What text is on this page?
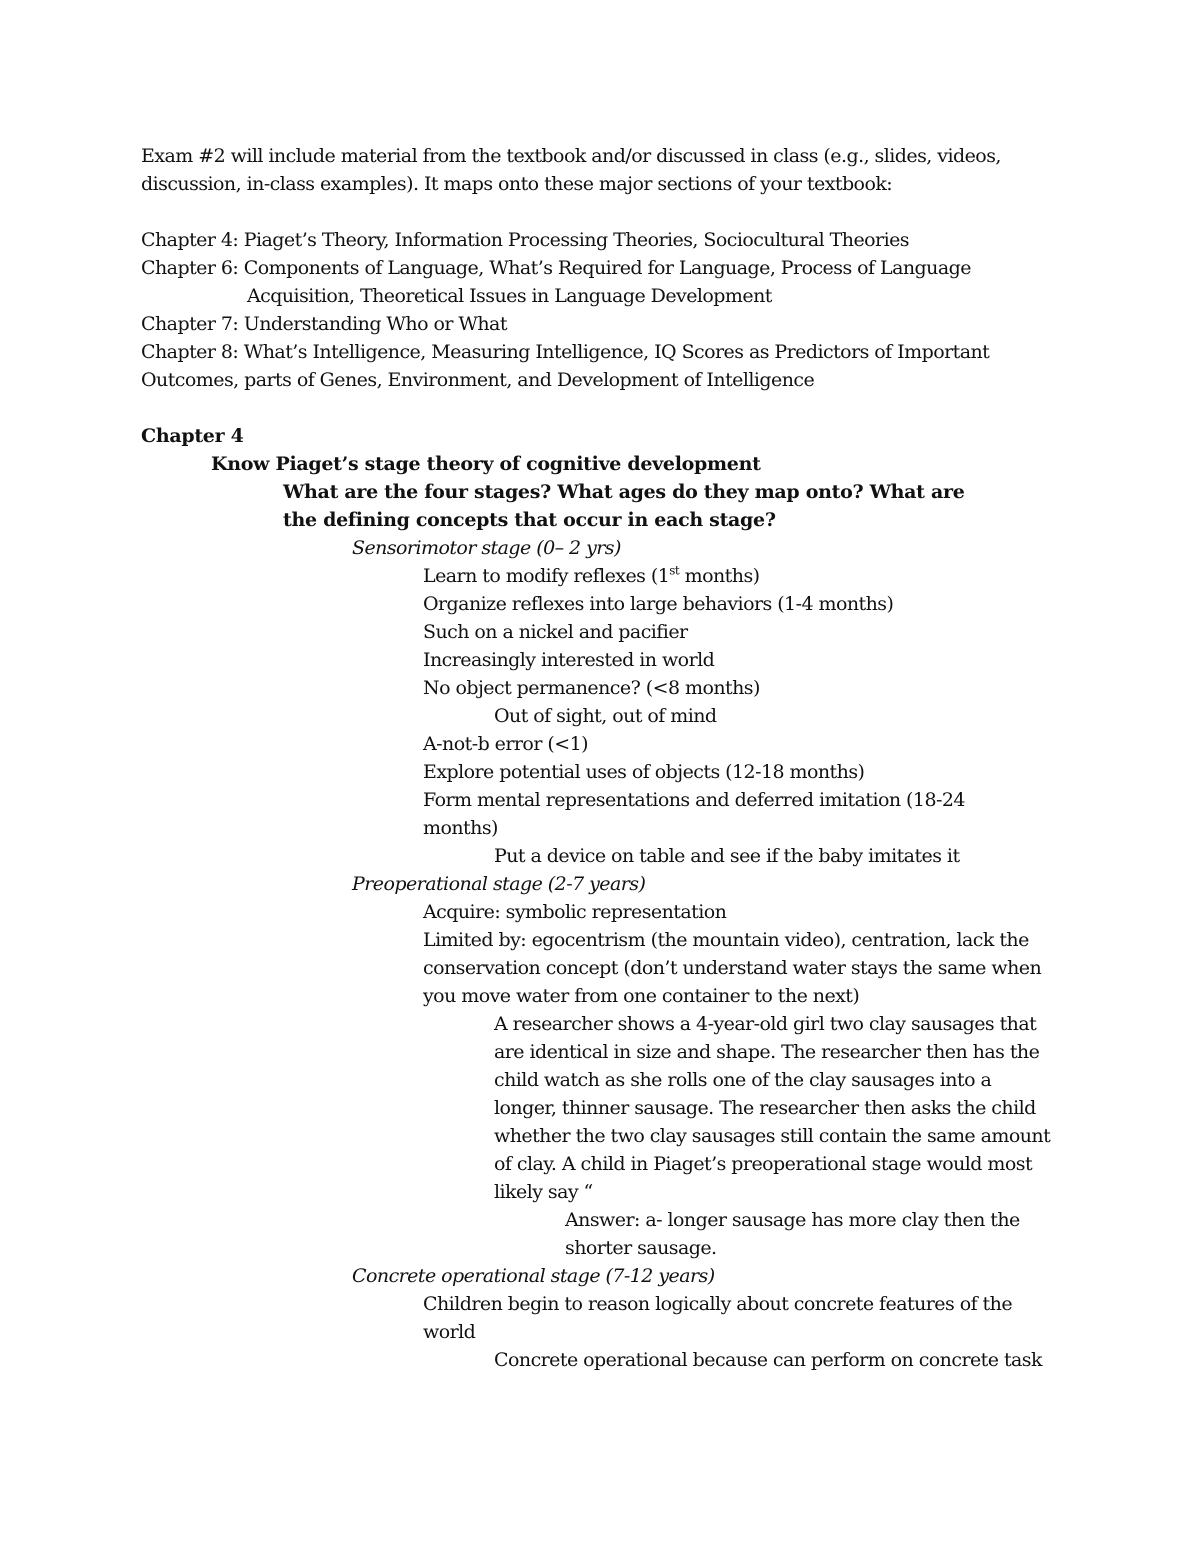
Exam #2 will include material from the textbook and/or discussed in class (e.g., slides, videos, discussion, in-class examples). It maps onto these major sections of your textbook:

Chapter 4: Piaget’s Theory, Information Processing Theories, Sociocultural Theories
Chapter 6: Components of Language, What’s Required for Language, Process of Language
Acquisition, Theoretical Issues in Language Development
Chapter 7: Understanding Who or What
Chapter 8: What’s Intelligence, Measuring Intelligence, IQ Scores as Predictors of Important Outcomes, parts of Genes, Environment, and Development of Intelligence
Chapter 4
Know Piaget’s stage theory of cognitive development
What are the four stages? What ages do they map onto? What are the defining concepts that occur in each stage?
Sensorimotor stage (0– 2 yrs)
Learn to modify reflexes (1st months)
Organize reflexes into large behaviors (1-4 months)
Such on a nickel and pacifier
Increasingly interested in world
No object permanence? (<8 months)
Out of sight, out of mind
A-not-b error (<1)
Explore potential uses of objects (12-18 months)
Form mental representations and deferred imitation (18-24 months)
Put a device on table and see if the baby imitates it
Preoperational stage (2-7 years)
Acquire: symbolic representation
Limited by: egocentrism (the mountain video), centration, lack the conservation concept (don’t understand water stays the same when you move water from one container to the next)
A researcher shows a 4-year-old girl two clay sausages that are identical in size and shape. The researcher then has the child watch as she rolls one of the clay sausages into a longer, thinner sausage. The researcher then asks the child whether the two clay sausages still contain the same amount of clay. A child in Piaget’s preoperational stage would most likely say “
Answer: a- longer sausage has more clay then the shorter sausage.
Concrete operational stage (7-12 years)
Children begin to reason logically about concrete features of the world
Concrete operational because can perform on concrete task
